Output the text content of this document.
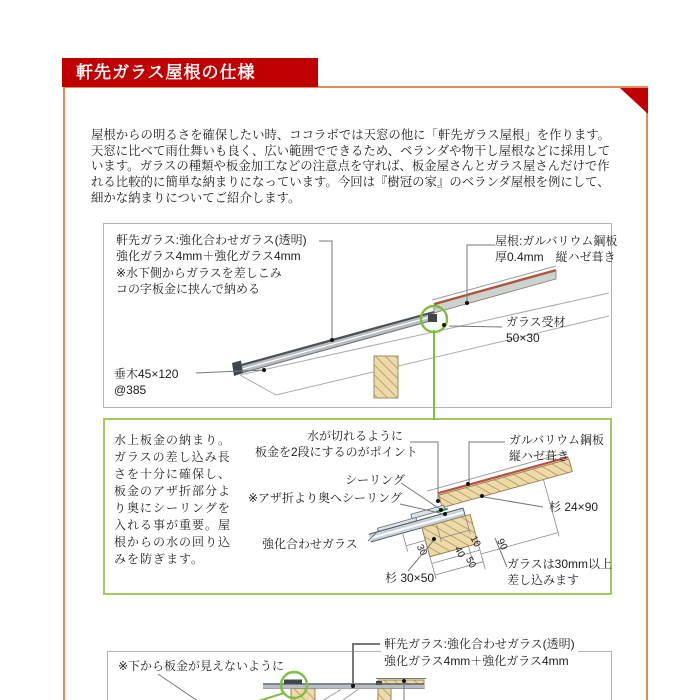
軒先ガラス屋根の仕様
屋根からの明るさを確保したい時、ココラボでは天窓の他に「軒先ガラス屋根」を作ります。
天窓に比べて雨仕舞いも良く、広い範囲でできるため、ベランダや物干し屋根などに採用して
います。ガラスの種類や板金加工などの注意点を守れば、板金屋さんとガラス屋さんだけで作
れる比較的に簡単な納まりになっています。今回は『樹冠の家』のベランダ屋根を例にして、
細かな納まりについてご紹介します。
軒先ガラス:強化合わせガラス(透明)
強化ガラス4mm＋強化ガラス4mm
※水下側からガラスを差しこみ
コの字板金に挟んで納める
屋根:ガルバリウム鋼板
厚0.4mm　縦ハゼ葺き
ガラス受材
50×30
垂木45×120
@385
30 40
10
50
90
水上板金の納まり。
ガラスの差し込み長
さを十分に確保し、
板金のアザ折部分よ
り奥にシーリングを
入れる事が重要。屋
根からの水の回り込
みを防ぎます。
水が切れるように
板金を2段にするのがポイント
ガルバリウム鋼板
縦ハゼ葺き
杉 24×90
シーリング
※アザ折より奥へシーリング
強化合わせガラス
杉 30×50
ガラスは30mm以上
差し込みます
※下から板金が見えないように
軒先ガラス:強化合わせガラス(透明)
強化ガラス4mm＋強化ガラス4mm
